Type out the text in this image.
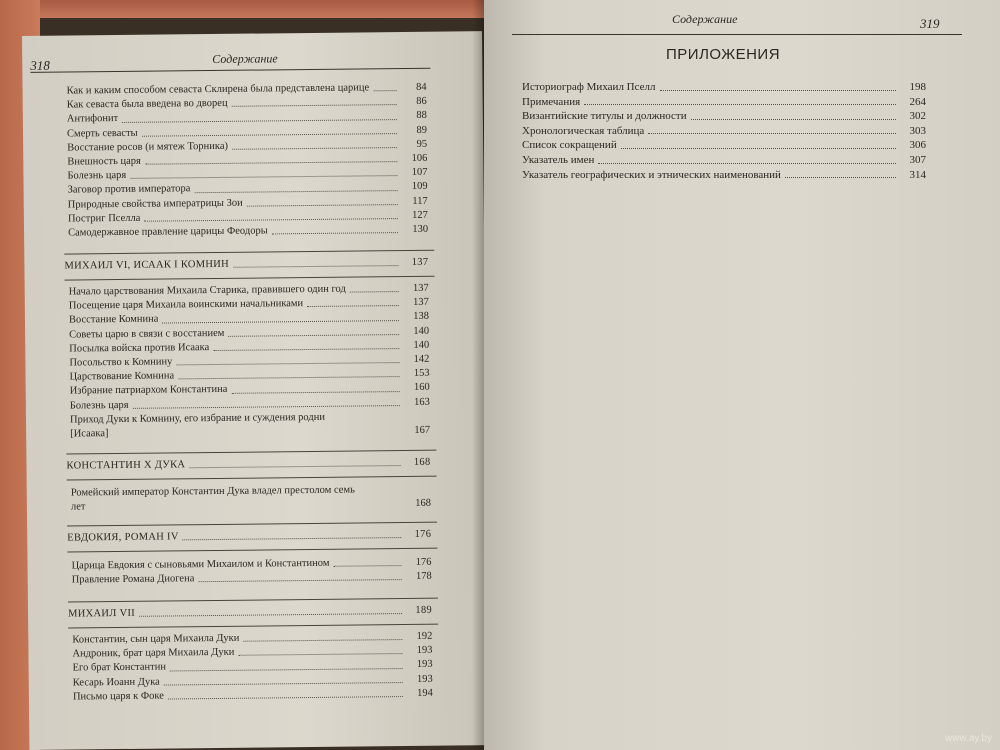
318	Содержание
Как и каким способом севаста Склирена была представлена царице	84
Как севаста была введена во дворец	86
Антифонит	88
Смерть севасты	89
Восстание росов (и мятеж Торника)	95
Внешность царя	106
Болезнь царя	107
Заговор против императора	109
Природные свойства императрицы Зои	117
Постриг Пселла	127
Самодержавное правление царицы Феодоры	130
МИХАИЛ VI, ИСААК I КОМНИН	137
Начало царствования Михаила Старика, правившего один год	137
Посещение царя Михаила воинскими начальниками	137
Восстание Комнина	138
Советы царю в связи с восстанием	140
Посылка войска против Исаака	140
Посольство к Комнину	142
Царствование Комнина	153
Избрание патриархом Константина	160
Болезнь царя	163
Приход Дуки к Комнину, его избрание и суждения родни
[Исаака]	167
КОНСТАНТИН X ДУКА	168
Ромейский император Константин Дука владел престолом семь
лет	168
ЕВДОКИЯ, РОМАН IV	176
Царица Евдокия с сыновьями Михаилом и Константином	176
Правление Романа Диогена	178
МИХАИЛ VII	189
Константин, сын царя Михаила Дуки	192
Андроник, брат царя Михаила Дуки	193
Его брат Константин	193
Кесарь Иоанн Дука	193
Письмо царя к Фоке	194
Содержание	319
ПРИЛОЖЕНИЯ
Историограф Михаил Пселл	198
Примечания	264
Византийские титулы и должности	302
Хронологическая таблица	303
Список сокращений	306
Указатель имен	307
Указатель географических и этнических наименований	314
www.ay.by
